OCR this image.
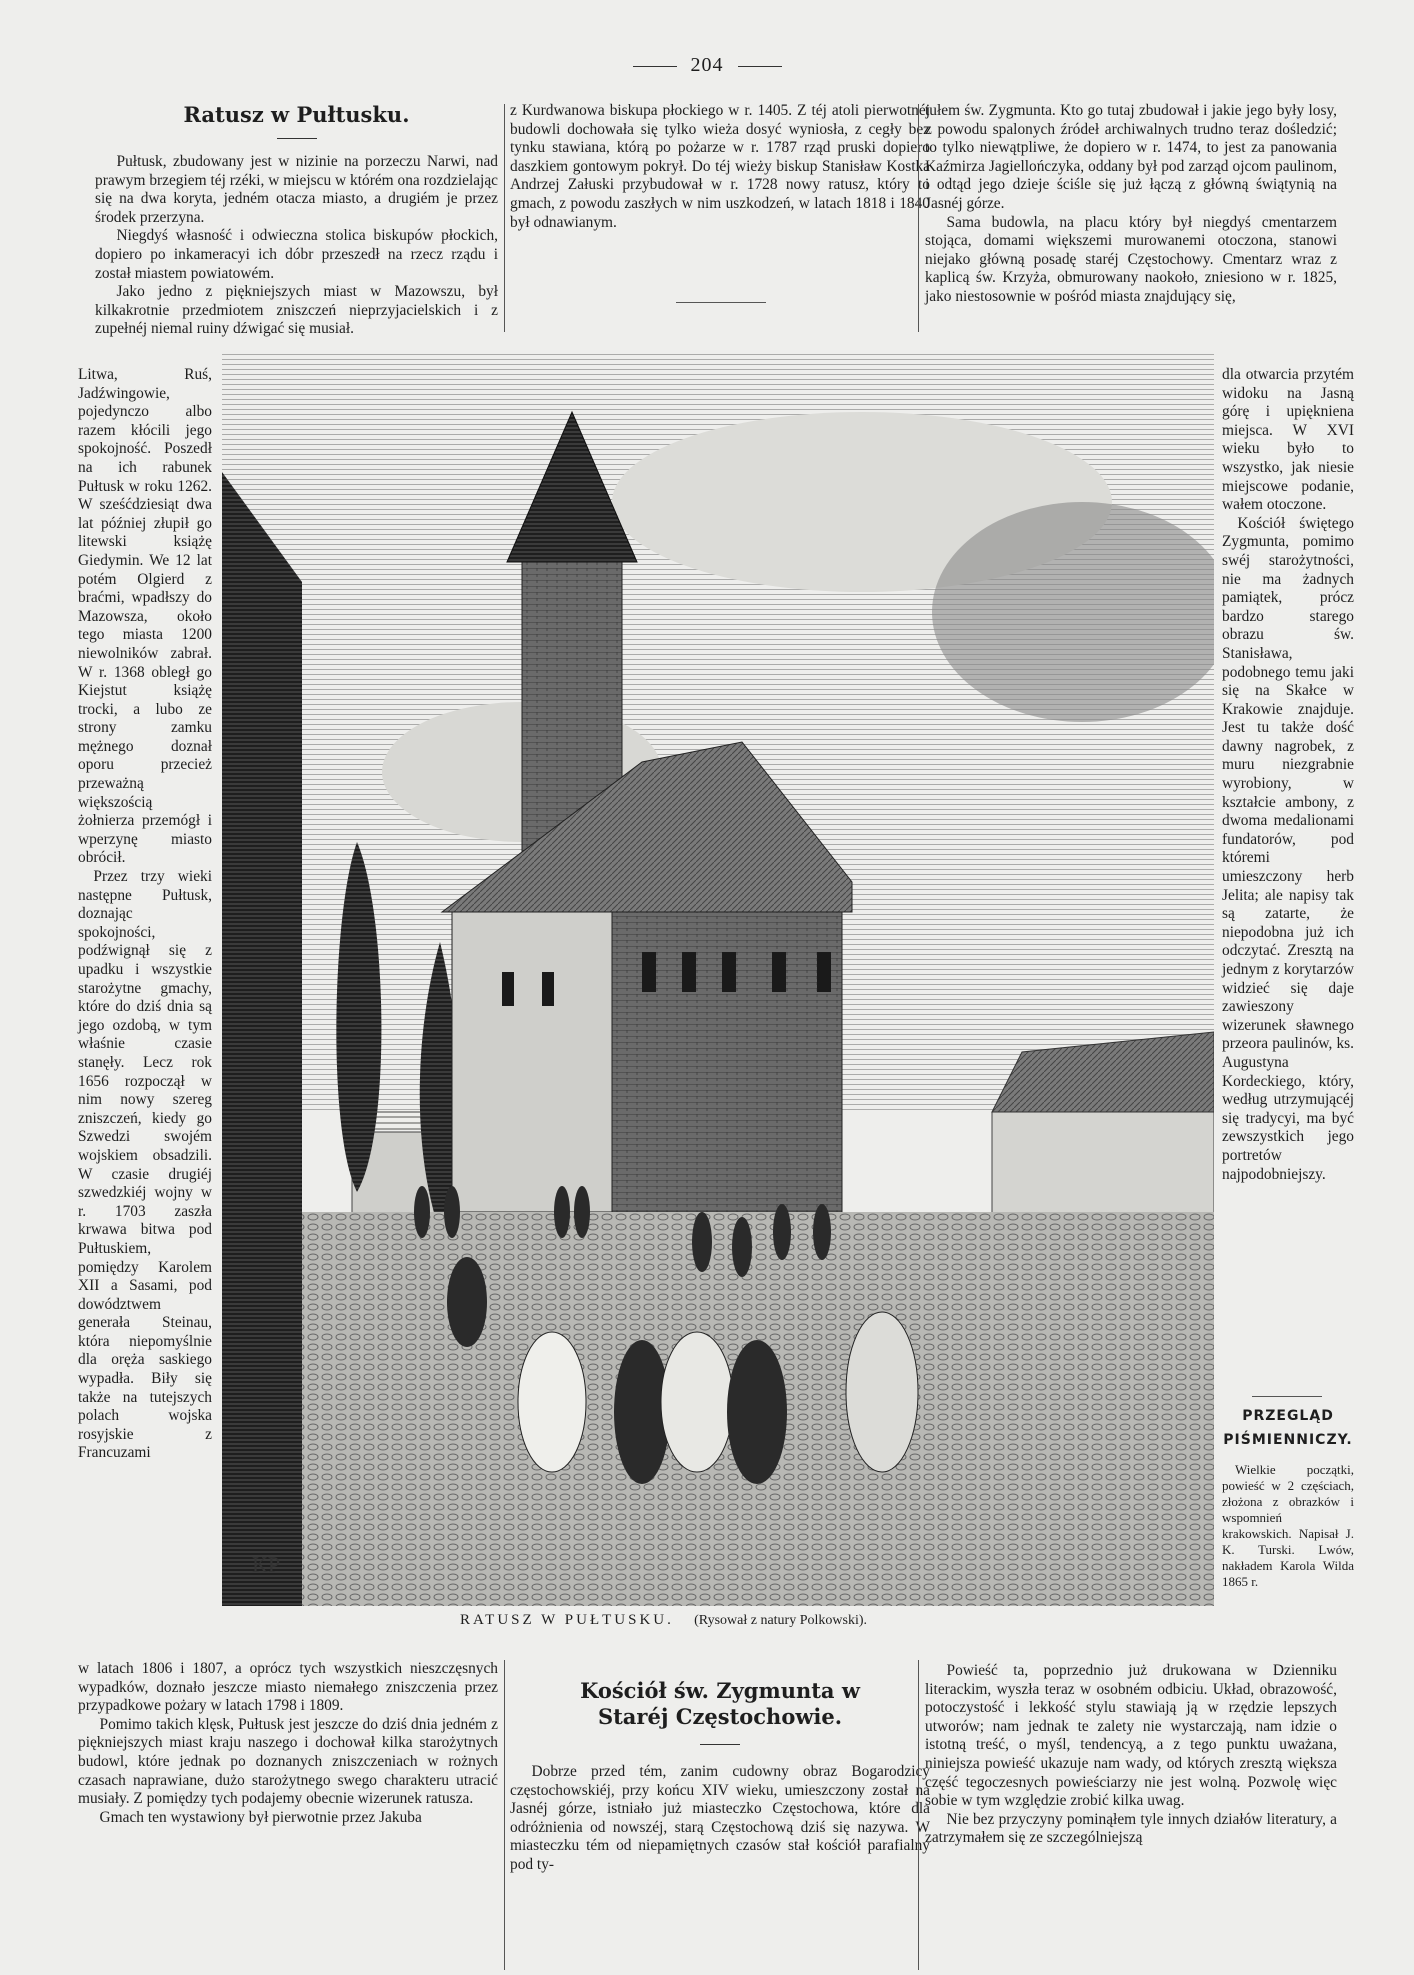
204
Ratusz w Pułtusku.

Pułtusk, zbudowany jest w nizinie na porzeczu Narwi, nad prawym brzegiem téj rzéki, w miejscu w którém ona rozdzielając się na dwa koryta, jedném otacza miasto, a drugiém je przez środek przerzyna.

Niegdyś własność i odwieczna stolica biskupów płockich, dopiero po inkameracyi ich dóbr przeszedł na rzecz rządu i został miastem powiatowém.

Jako jedno z piękniejszych miast w Mazowszu, był kilkakrotnie przedmiotem zniszczeń nieprzyjacielskich i z zupełnéj niemal ruiny dźwigać się musiał.

Litwa, Ruś, Jadźwingowie, pojedynczo albo razem kłócili jego spokojność. Poszedł na ich rabunek Pułtusk w roku 1262. W sześćdziesiąt dwa lat później złupił go litewski książę Giedymin. We 12 lat potém Olgierd z braćmi, wpadłszy do Mazowsza, około tego miasta 1200 niewolników zabrał. W r. 1368 obległ go Kiejstut książę trocki, a lubo ze strony zamku mężnego doznał oporu przecież przeważną większością żołnierza przemógł i wperzynę miasto obrócił.

Przez trzy wieki następne Pułtusk, doznając spokojności, podźwignął się z upadku i wszystkie starożytne gmachy, które do dziś dnia są jego ozdobą, w tym właśnie czasie stanęły. Lecz rok 1656 rozpoczął w nim nowy szereg zniszczeń, kiedy go Szwedzi swojém wojskiem obsadzili. W czasie drugiéj szwedzkiéj wojny w r. 1703 zaszła krwawa bitwa pod Pułtuskiem, pomiędzy Karolem XII a Sasami, pod dowództwem generała Steinau, która niepomyślnie dla oręża saskiego wypadła. Biły się także na tutejszych polach wojska rosyjskie z Francuzami

w latach 1806 i 1807, a oprócz tych wszystkich nieszczęsnych wypadków, doznało jeszcze miasto niemałego zniszczenia przez przypadkowe pożary w latach 1798 i 1809.

Pomimo takich klęsk, Pułtusk jest jeszcze do dziś dnia jedném z piękniejszych miast kraju naszego i dochował kilka starożytnych budowl, które jednak po doznanych zniszczeniach w rożnych czasach naprawiane, dużo starożytnego swego charakteru utracić musiały. Z pomiędzy tych podajemy obecnie wizerunek ratusza.

Gmach ten wystawiony był pierwotnie przez Jakuba

z Kurdwanowa biskupa płockiego w r. 1405. Z téj atoli pierwotnéj budowli dochowała się tylko wieża dosyć wyniosła, z cegły bez tynku stawiana, którą po pożarze w r. 1787 rząd pruski dopiero daszkiem gontowym pokrył. Do téj wieży biskup Stanisław Kostka Andrzej Załuski przybudował w r. 1728 nowy ratusz, który to gmach, z powodu zaszłych w nim uszkodzeń, w latach 1818 i 1840 był odnawianym.

tułem św. Zygmunta. Kto go tutaj zbudował i jakie jego były losy, z powodu spalonych źródeł archiwalnych trudno teraz dośledzić; to tylko niewątpliwe, że dopiero w r. 1474, to jest za panowania Kaźmirza Jagiellończyka, oddany był pod zarząd ojcom paulinom, i odtąd jego dzieje ściśle się już łączą z główną świątynią na Jasnéj górze.

Sama budowla, na placu który był niegdyś cmentarzem stojąca, domami większemi murowanemi otoczona, stanowi niejako główną posadę staréj Częstochowy. Cmentarz wraz z kaplicą św. Krzyża, obmurowany naokoło, zniesiono w r. 1825, jako niestosownie w pośród miasta znajdujący się,

dla otwarcia przytém widoku na Jasną górę i upiękniena miejsca. W XVI wieku było to wszystko, jak niesie miejscowe podanie, wałem otoczone.

Kościół świętego Zygmunta, pomimo swéj starożytności, nie ma żadnych pamiątek, prócz bardzo starego obrazu św. Stanisława, podobnego temu jaki się na Skałce w Krakowie znajduje. Jest tu także dość dawny nagrobek, z muru niezgrabnie wyrobiony, w kształcie ambony, z dwoma medalionami fundatorów, pod któremi umieszczony herb Jelita; ale napisy tak są zatarte, że niepodobna już ich odczytać. Zresztą na jednym z korytarzów widzieć się daje zawieszony wizerunek sławnego przeora paulinów, ks. Augustyna Kordeckiego, który, według utrzymującéj się tradycyi, ma być zewszystkich jego portretów najpodobniejszy.

PRZEGLĄD
PIŚMIENNICZY.
Wielkie początki, powieść w 2 częściach, złożona z obrazków i wspomnień krakowskich. Napisał J. K. Turski. Lwów, nakładem Karola Wilda 1865 r.
Kościół św. Zygmunta w Staréj Częstochowie.

Dobrze przed tém, zanim cudowny obraz Bogarodzicy częstochowskiéj, przy końcu XIV wieku, umieszczony został na Jasnéj górze, istniało już miasteczko Częstochowa, które dla odróżnienia od nowszéj, starą Częstochową dziś się nazywa. W miasteczku tém od niepamiętnych czasów stał kościół parafialny pod ty-

Powieść ta, poprzednio już drukowana w Dzienniku literackim, wyszła teraz w osobném odbiciu. Układ, obrazowość, potoczystość i lekkość stylu stawiają ją w rzędzie lepszych utworów; nam jednak te zalety nie wystarczają, nam idzie o istotną treść, o myśl, tendencyą, a z tego punktu uważana, niniejsza powieść ukazuje nam wady, od których zresztą większa część tegoczesnych powieściarzy nie jest wolną. Pozwolę więc sobie w tym względzie zrobić kilka uwag.

Nie bez przyczyny pominąłem tyle innych działów literatury, a zatrzymałem się ze szczególniejszą

KP
RATUSZ W PUŁTUSKU. (Rysował z natury Polkowski).
